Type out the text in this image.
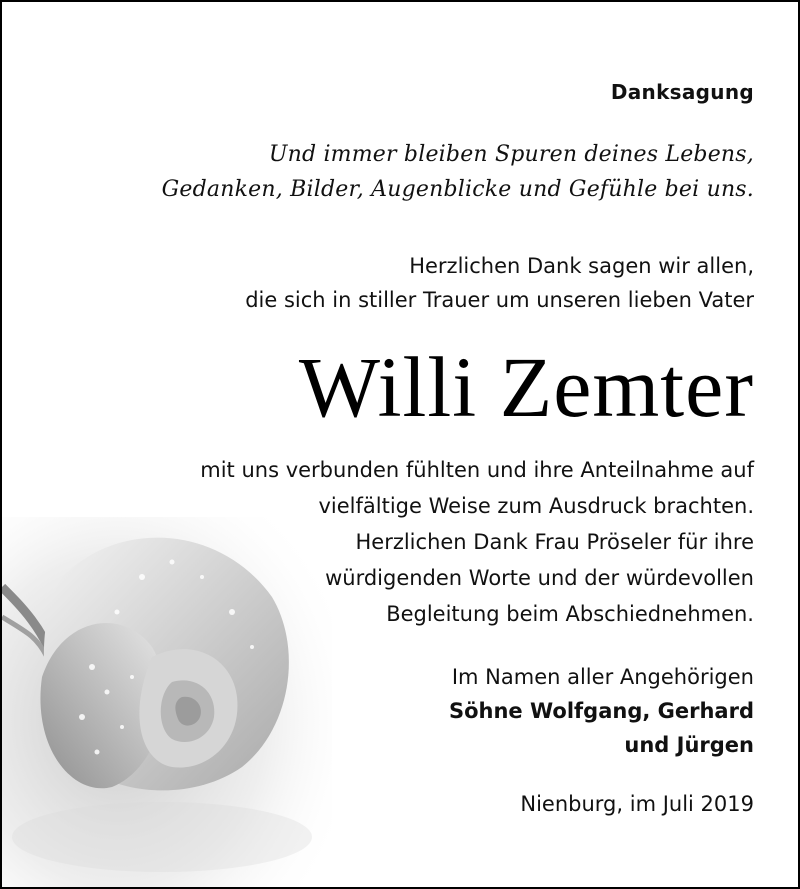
Danksagung
Und immer bleiben Spuren deines Lebens,
Gedanken, Bilder, Augenblicke und Gefühle bei uns.
Herzlichen Dank sagen wir allen,
die sich in stiller Trauer um unseren lieben Vater
Willi Zemter
mit uns verbunden fühlten und ihre Anteilnahme auf
vielfältige Weise zum Ausdruck brachten.
Herzlichen Dank Frau Pröseler für ihre
würdigenden Worte und der würdevollen
Begleitung beim Abschiednehmen.
Im Namen aller Angehörigen
Söhne Wolfgang, Gerhard
und Jürgen
Nienburg, im Juli 2019
